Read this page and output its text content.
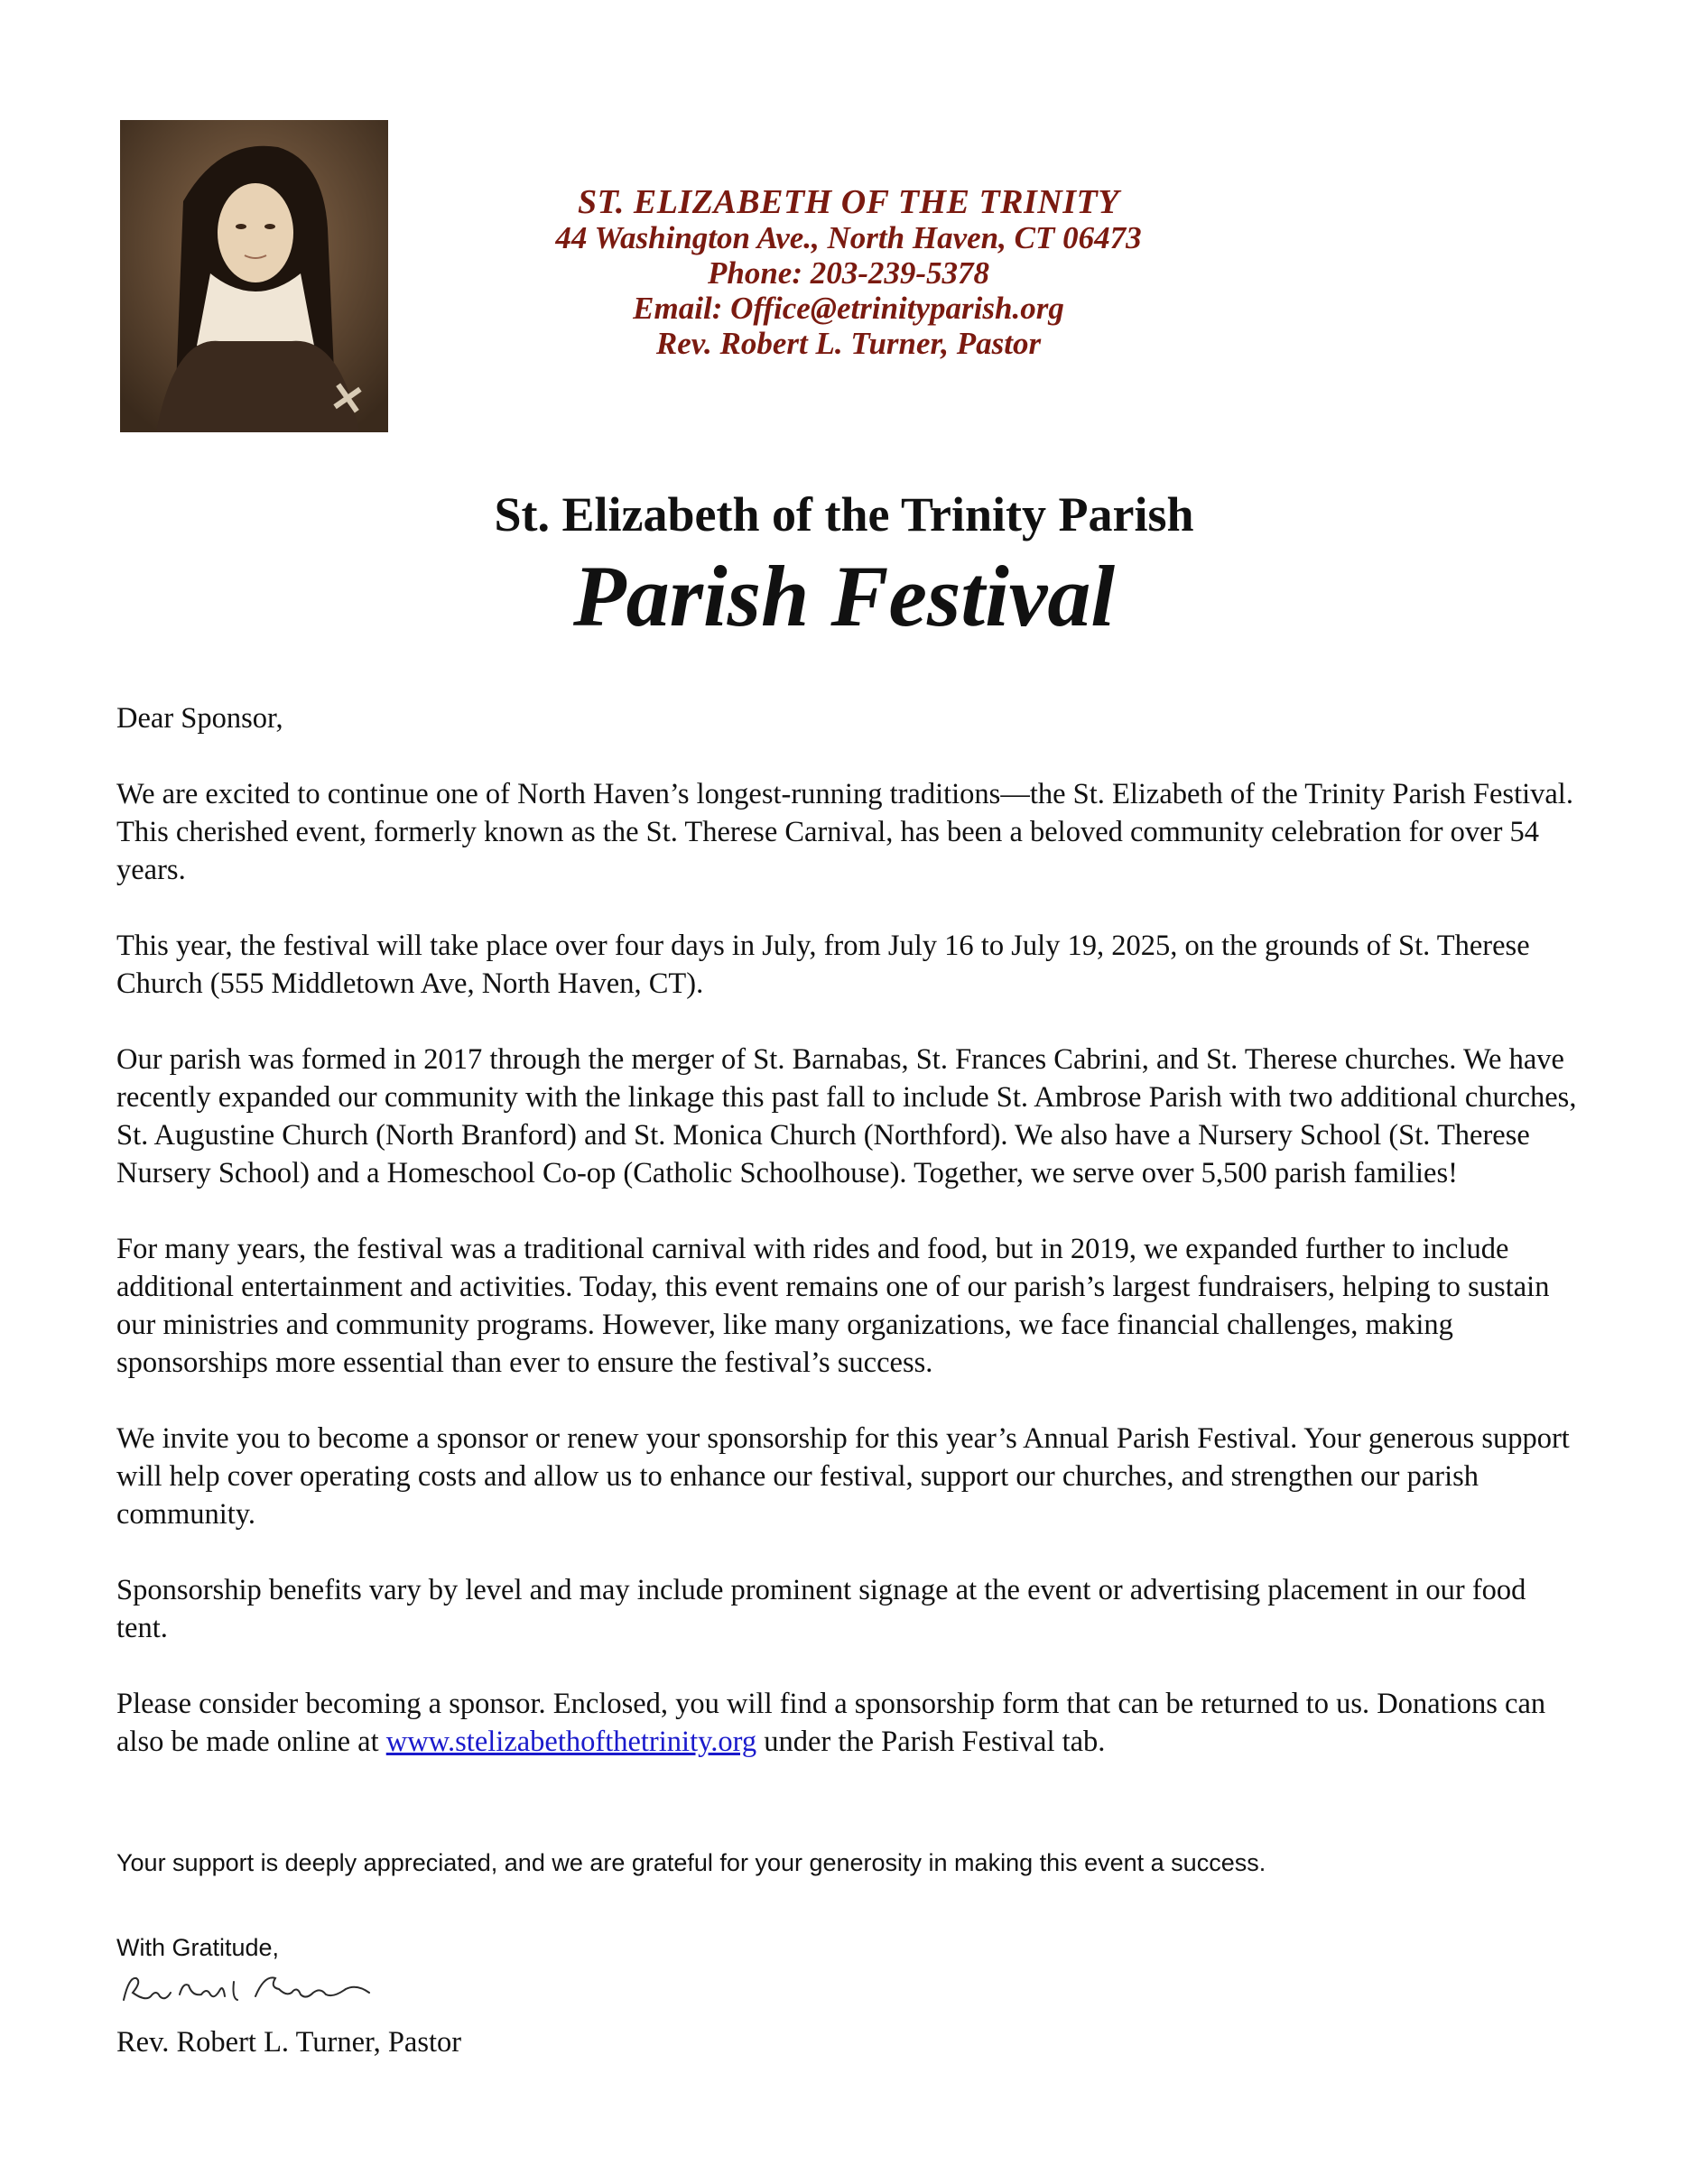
ST. ELIZABETH OF THE TRINITY
44 Washington Ave., North Haven, CT 06473
Phone: 203-239-5378
Email: Office@etrinityparish.org
Rev. Robert L. Turner, Pastor
St. Elizabeth of the Trinity Parish
Parish Festival

Dear Sponsor,

We are excited to continue one of North Haven’s longest-running traditions—the St. Elizabeth of the Trinity Parish Festival. This cherished event, formerly known as the St. Therese Carnival, has been a beloved community celebration for over 54 years.

This year, the festival will take place over four days in July, from July 16 to July 19, 2025, on the grounds of St. Therese Church (555 Middletown Ave, North Haven, CT).

Our parish was formed in 2017 through the merger of St. Barnabas, St. Frances Cabrini, and St. Therese churches. We have recently expanded our community with the linkage this past fall to include St. Ambrose Parish with two additional churches, St. Augustine Church (North Branford) and St. Monica Church (Northford). We also have a Nursery School (St. Therese Nursery School) and a Homeschool Co-op (Catholic Schoolhouse). Together, we serve over 5,500 parish families!

For many years, the festival was a traditional carnival with rides and food, but in 2019, we expanded further to include additional entertainment and activities. Today, this event remains one of our parish’s largest fundraisers, helping to sustain our ministries and community programs. However, like many organizations, we face financial challenges, making sponsorships more essential than ever to ensure the festival’s success.

We invite you to become a sponsor or renew your sponsorship for this year’s Annual Parish Festival. Your generous support will help cover operating costs and allow us to enhance our festival, support our churches, and strengthen our parish community.

Sponsorship benefits vary by level and may include prominent signage at the event or advertising placement in our food tent.

Please consider becoming a sponsor. Enclosed, you will find a sponsorship form that can be returned to us. Donations can also be made online at www.stelizabethofthetrinity.org under the Parish Festival tab.

Your support is deeply appreciated, and we are grateful for your generosity in making this event a success.
With Gratitude,
Rev. Robert L. Turner, Pastor
